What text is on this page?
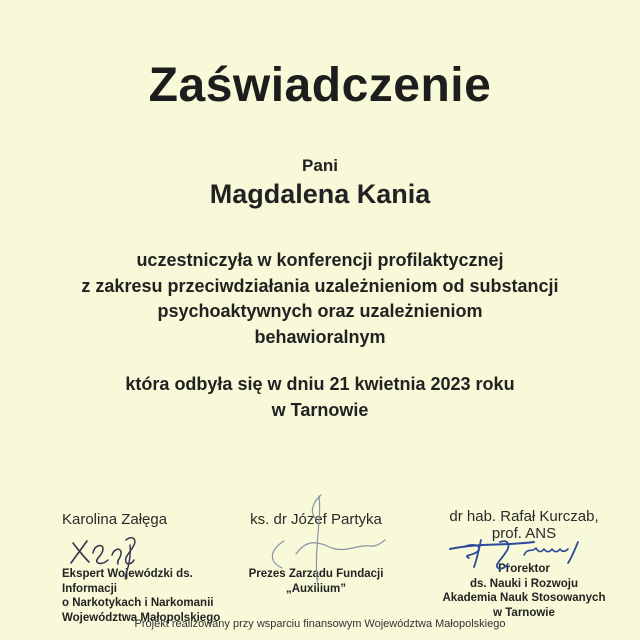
Zaświadczenie
Pani
Magdalena Kania
uczestniczyła w konferencji profilaktycznej
z zakresu przeciwdziałania uzależnieniom od substancji
psychoaktywnych oraz uzależnieniom
behawioralnym
która odbyła się w dniu 21 kwietnia 2023 roku
w Tarnowie
Karolina Załęga
Ekspert Wojewódzki ds. Informacji
o Narkotykach i Narkomanii
Województwa Małopolskiego
ks. dr Józef Partyka
Prezes Zarządu Fundacji
„Auxilium”
dr hab. Rafał Kurczab,
prof. ANS
Prorektor
ds. Nauki i Rozwoju
Akademia Nauk Stosowanych
w Tarnowie
Projekt realizowany przy wsparciu finansowym Województwa Małopolskiego
